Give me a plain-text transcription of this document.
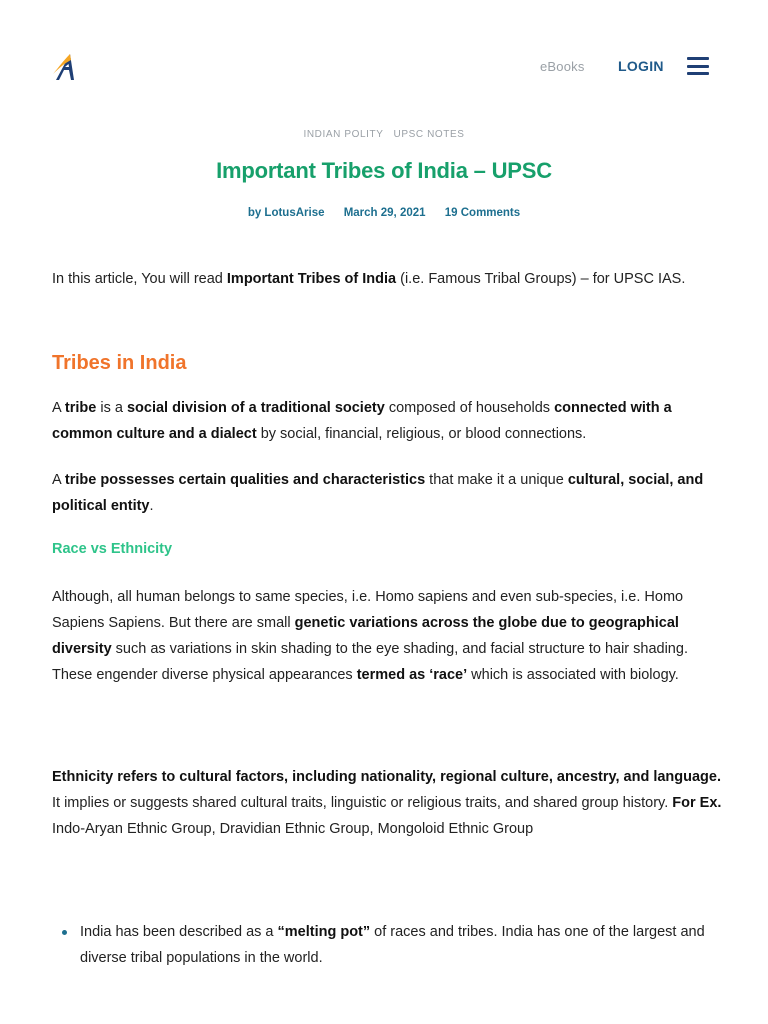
eBooks LOGIN
INDIAN POLITY UPSC NOTES
Important Tribes of India – UPSC
by LotusArise March 29, 2021 19 Comments
In this article, You will read Important Tribes of India (i.e. Famous Tribal Groups) – for UPSC IAS.
Tribes in India
A tribe is a social division of a traditional society composed of households connected with a common culture and a dialect by social, financial, religious, or blood connections.
A tribe possesses certain qualities and characteristics that make it a unique cultural, social, and political entity.
Race vs Ethnicity
Although, all human belongs to same species, i.e. Homo sapiens and even sub-species, i.e. Homo Sapiens Sapiens. But there are small genetic variations across the globe due to geographical diversity such as variations in skin shading to the eye shading, and facial structure to hair shading. These engender diverse physical appearances termed as ‘race’ which is associated with biology.
Ethnicity refers to cultural factors, including nationality, regional culture, ancestry, and language. It implies or suggests shared cultural traits, linguistic or religious traits, and shared group history. For Ex. Indo-Aryan Ethnic Group, Dravidian Ethnic Group, Mongoloid Ethnic Group
India has been described as a “melting pot” of races and tribes. India has one of the largest and diverse tribal populations in the world.
